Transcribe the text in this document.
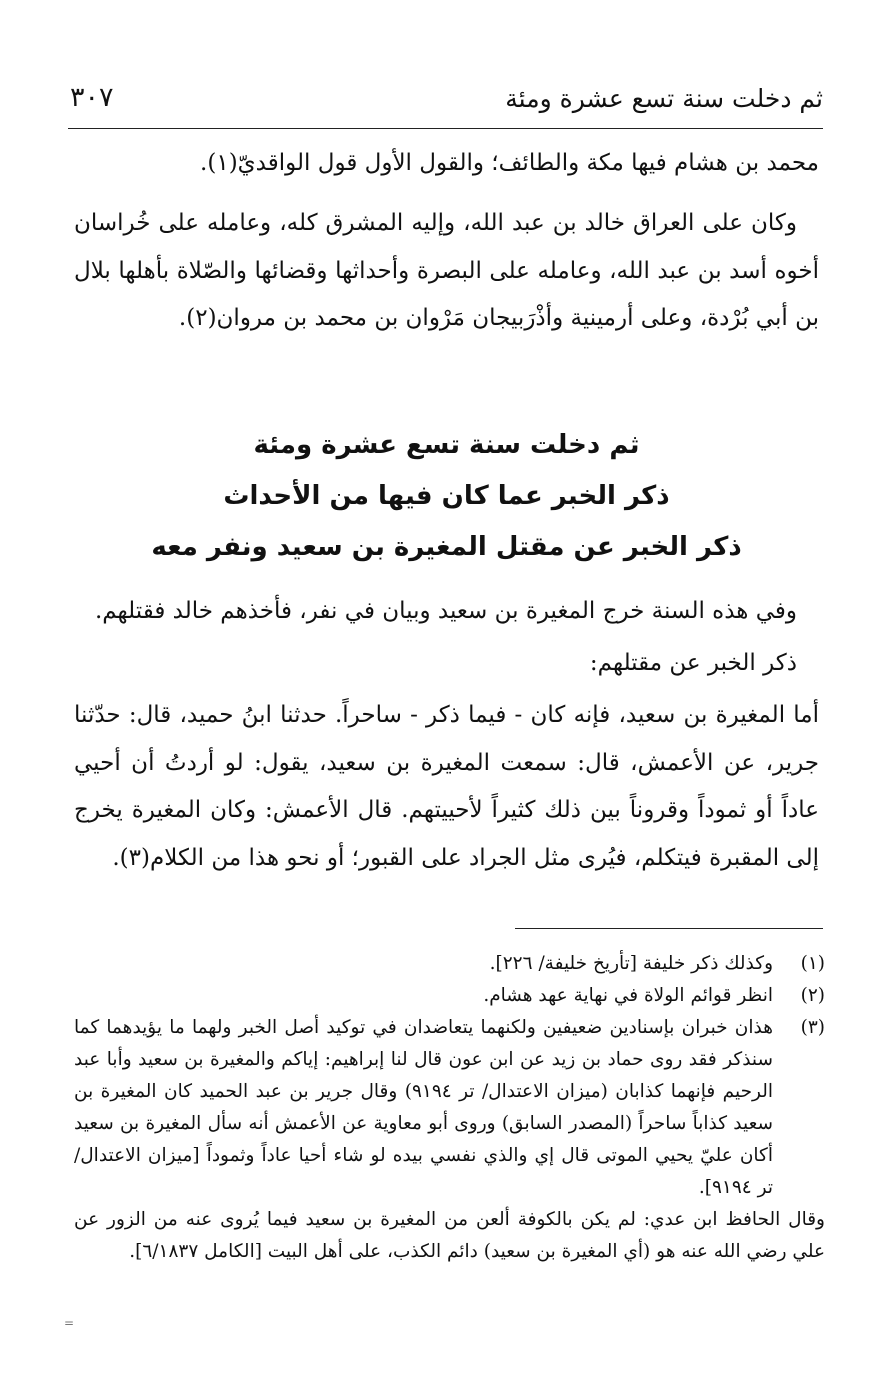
ثم دخلت سنة تسع عشرة ومئة
٣٠٧

محمد بن هشام فيها مكة والطائف؛ والقول الأول قول الواقديّ(١).

وكان على العراق خالد بن عبد الله، وإليه المشرق كله، وعامله على خُراسان أخوه أسد بن عبد الله، وعامله على البصرة وأحداثها وقضائها والصّلاة بأهلها بلال بن أبي بُرْدة، وعلى أرمينية وأذْرَبيجان مَرْوان بن محمد بن مروان(٢).

ثم دخلت سنة تسع عشرة ومئة
ذكر الخبر عما كان فيها من الأحداث
ذكر الخبر عن مقتل المغيرة بن سعيد ونفر معه

وفي هذه السنة خرج المغيرة بن سعيد وبيان في نفر، فأخذهم خالد فقتلهم.

ذكر الخبر عن مقتلهم:

أما المغيرة بن سعيد، فإنه كان - فيما ذكر - ساحراً. حدثنا ابنُ حميد، قال: حدّثنا جرير، عن الأعمش، قال: سمعت المغيرة بن سعيد، يقول: لو أردتُ أن أحيي عاداً أو ثموداً وقروناً بين ذلك كثيراً لأحييتهم. قال الأعمش: وكان المغيرة يخرج إلى المقبرة فيتكلم، فيُرى مثل الجراد على القبور؛ أو نحو هذا من الكلام(٣).

(١)
وكذلك ذكر خليفة [تأريخ خليفة/ ٢٢٦].
(٢)
انظر قوائم الولاة في نهاية عهد هشام.
(٣)
هذان خبران بإسنادين ضعيفين ولكنهما يتعاضدان في توكيد أصل الخبر ولهما ما يؤيدهما كما سنذكر فقد روى حماد بن زيد عن ابن عون قال لنا إبراهيم: إياكم والمغيرة بن سعيد وأبا عبد الرحيم فإنهما كذابان (ميزان الاعتدال/ تر ٩١٩٤) وقال جرير بن عبد الحميد كان المغيرة بن سعيد كذاباً ساحراً (المصدر السابق) وروى أبو معاوية عن الأعمش أنه سأل المغيرة بن سعيد أكان عليّ يحيي الموتى قال إي والذي نفسي بيده لو شاء أحيا عاداً وثموداً [ميزان الاعتدال/ تر ٩١٩٤].

وقال الحافظ ابن عدي: لم يكن بالكوفة ألعن من المغيرة بن سعيد فيما يُروى عنه من الزور عن علي رضي الله عنه هو (أي المغيرة بن سعيد) دائم الكذب، على أهل البيت [الكامل ٦/١٨٣٧].

=
